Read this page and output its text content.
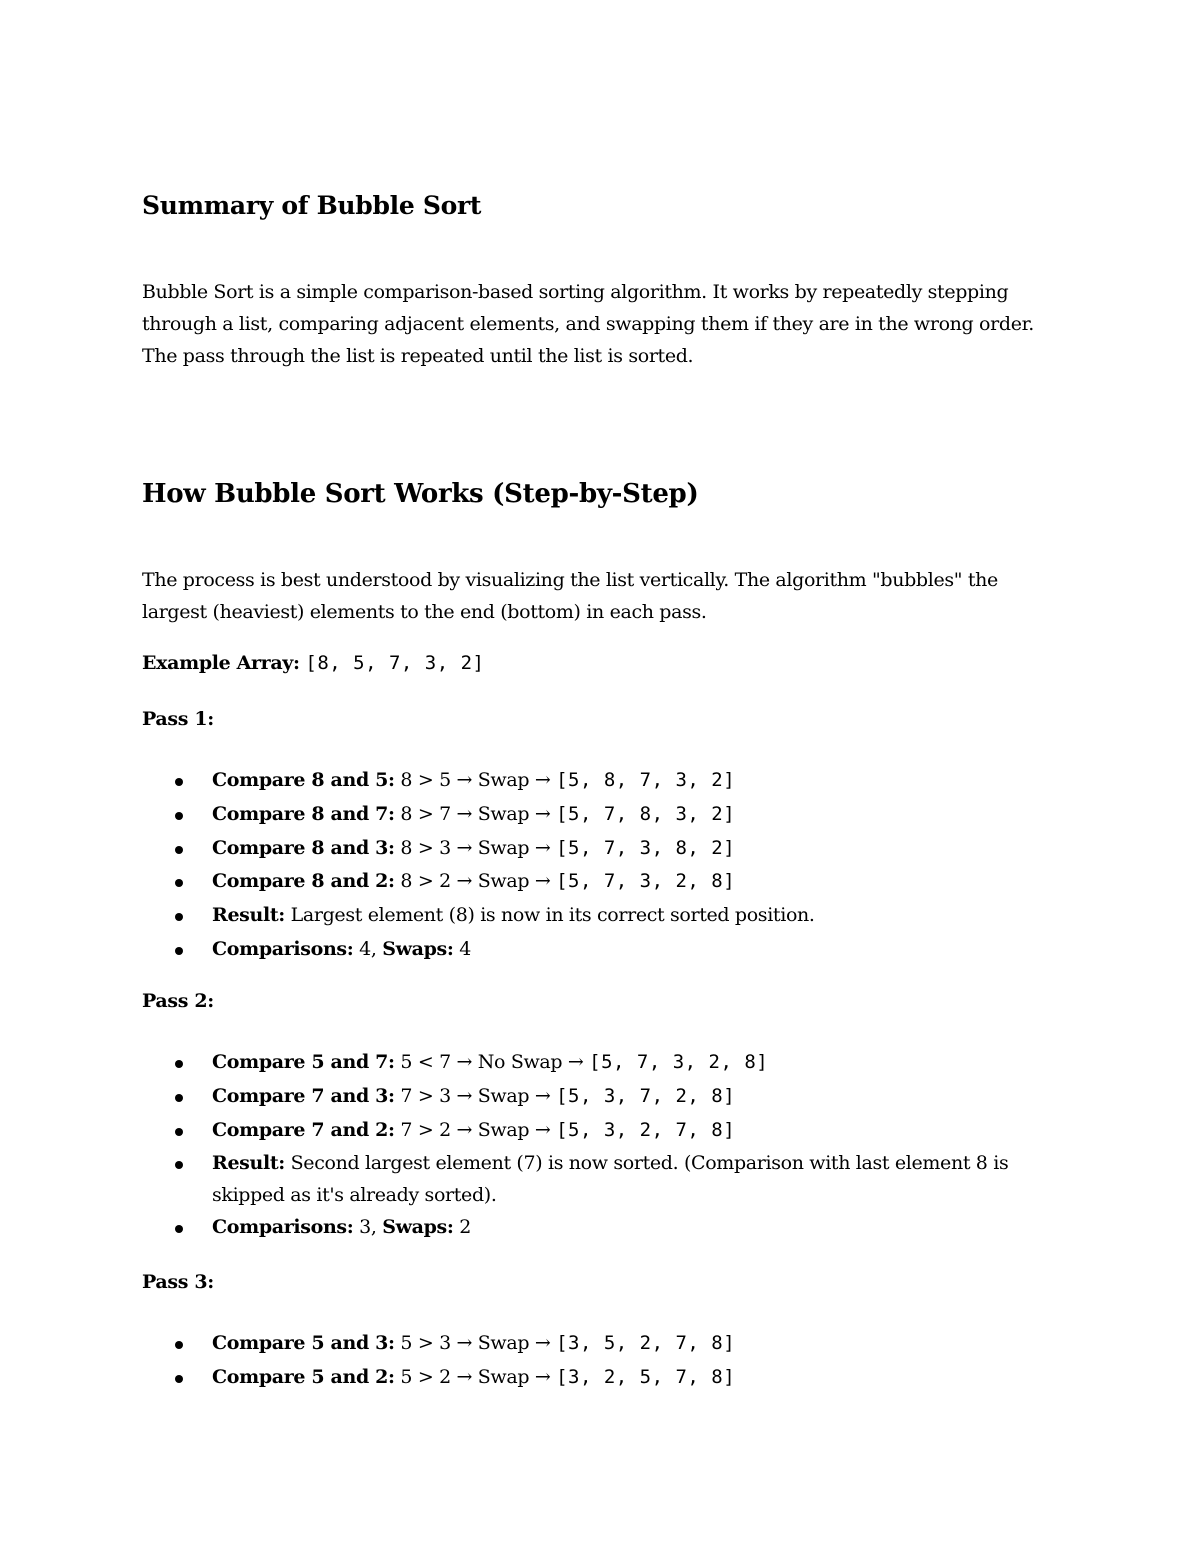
Summary of Bubble Sort

Bubble Sort is a simple comparison-based sorting algorithm. It works by repeatedly stepping through a list, comparing adjacent elements, and swapping them if they are in the wrong order. The pass through the list is repeated until the list is sorted.

How Bubble Sort Works (Step-by-Step)

The process is best understood by visualizing the list vertically. The algorithm "bubbles" the largest (heaviest) elements to the end (bottom) in each pass.

Example Array: [8, 5, 7, 3, 2]
Pass 1:
Compare 8 and 5: 8 > 5 → Swap → [5, 8, 7, 3, 2]
Compare 8 and 7: 8 > 7 → Swap → [5, 7, 8, 3, 2]
Compare 8 and 3: 8 > 3 → Swap → [5, 7, 3, 8, 2]
Compare 8 and 2: 8 > 2 → Swap → [5, 7, 3, 2, 8]
Result: Largest element (8) is now in its correct sorted position.
Comparisons: 4, Swaps: 4
Pass 2:
Compare 5 and 7: 5 < 7 → No Swap → [5, 7, 3, 2, 8]
Compare 7 and 3: 7 > 3 → Swap → [5, 3, 7, 2, 8]
Compare 7 and 2: 7 > 2 → Swap → [5, 3, 2, 7, 8]
Result: Second largest element (7) is now sorted. (Comparison with last element 8 is skipped as it's already sorted).
Comparisons: 3, Swaps: 2
Pass 3:
Compare 5 and 3: 5 > 3 → Swap → [3, 5, 2, 7, 8]
Compare 5 and 2: 5 > 2 → Swap → [3, 2, 5, 7, 8]
